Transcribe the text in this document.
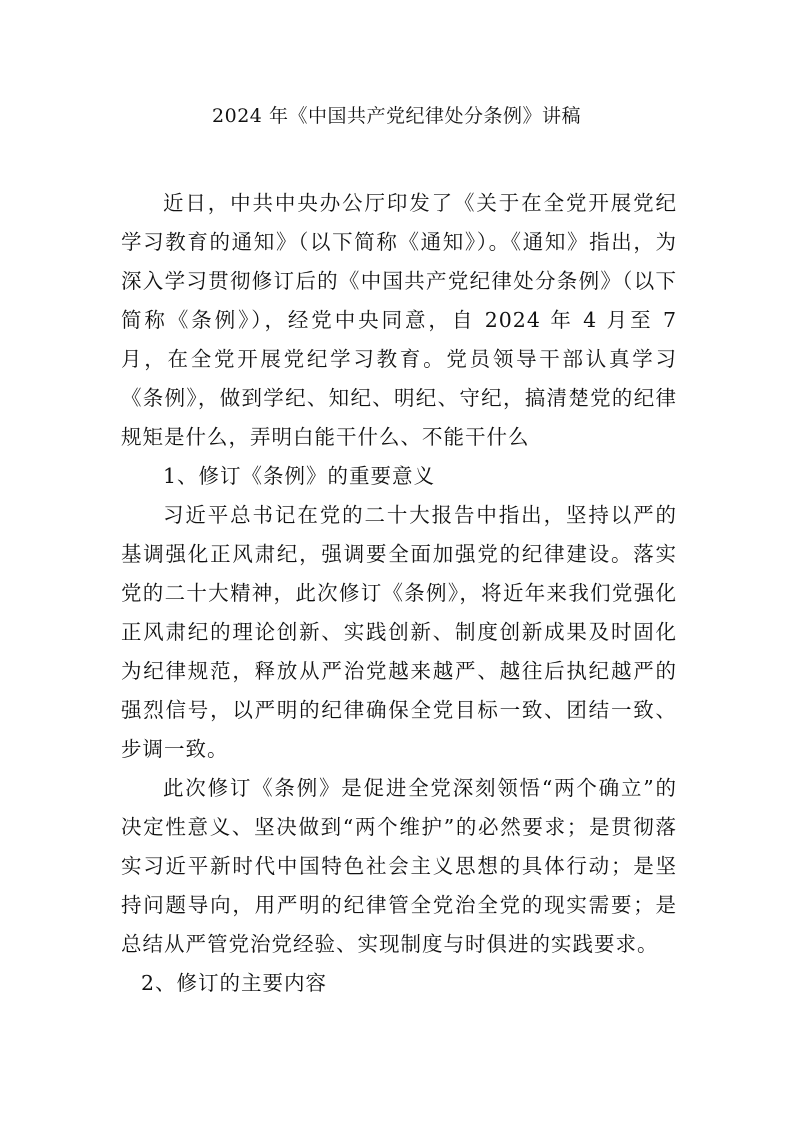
2024 年《中国共产党纪律处分条例》讲稿

近日，中共中央办公厅印发了《关于在全党开展党纪学习教育的通知》（以下简称《通知》）。《通知》指出，为深入学习贯彻修订后的《中国共产党纪律处分条例》（以下简称《条例》），经党中央同意，自 2024 年 4 月至 7 月，在全党开展党纪学习教育。党员领导干部认真学习《条例》，做到学纪、知纪、明纪、守纪，搞清楚党的纪律规矩是什么，弄明白能干什么、不能干什么

1、修订《条例》的重要意义

习近平总书记在党的二十大报告中指出，坚持以严的基调强化正风肃纪，强调要全面加强党的纪律建设。落实党的二十大精神，此次修订《条例》，将近年来我们党强化正风肃纪的理论创新、实践创新、制度创新成果及时固化为纪律规范，释放从严治党越来越严、越往后执纪越严的强烈信号，以严明的纪律确保全党目标一致、团结一致、步调一致。

此次修订《条例》是促进全党深刻领悟“两个确立”的决定性意义、坚决做到“两个维护”的必然要求；是贯彻落实习近平新时代中国特色社会主义思想的具体行动；是坚持问题导向，用严明的纪律管全党治全党的现实需要；是总结从严管党治党经验、实现制度与时俱进的实践要求。

2、修订的主要内容
